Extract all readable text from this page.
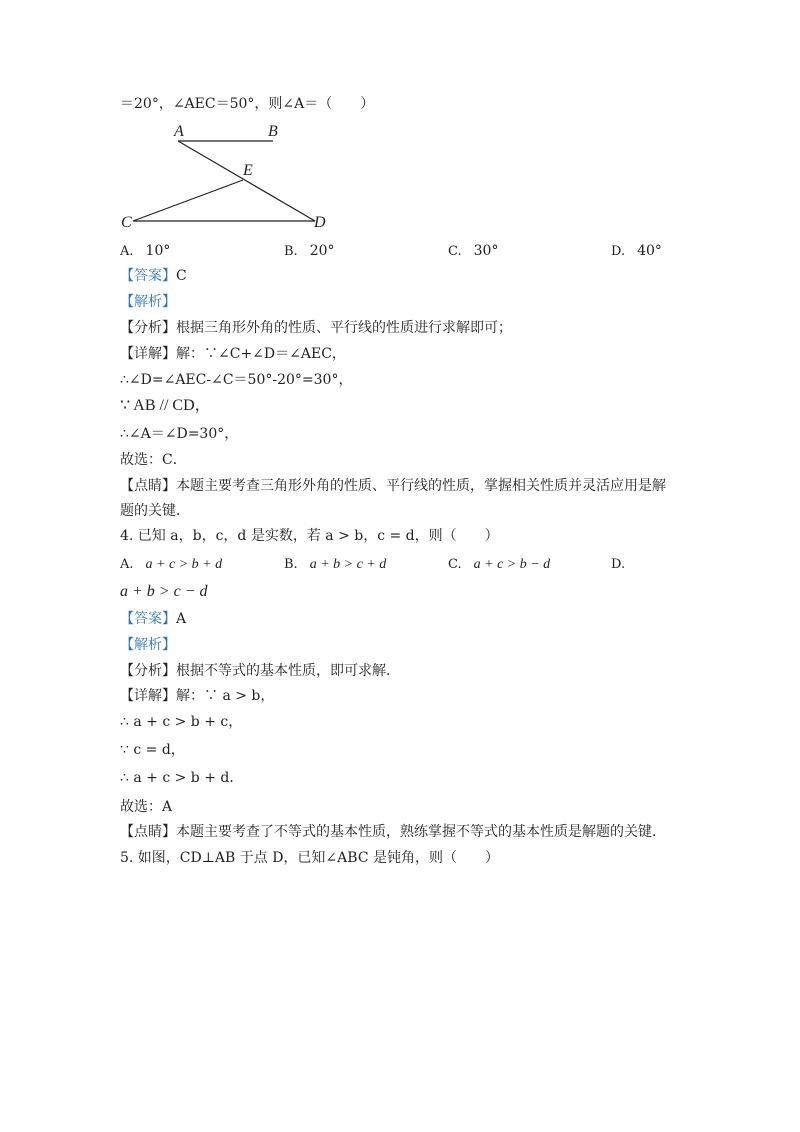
＝20°，∠AEC＝50°，则∠A＝（　　）
A	B
E
C	D
A. 10°	B. 20°	C. 30°	D. 40°
【答案】C
【解析】
【分析】根据三角形外角的性质、平行线的性质进行求解即可；
【详解】解：∵∠C+∠D＝∠AEC，
∴∠D=∠AEC-∠C＝50°-20°=30°，
∵ AB // CD，
∴∠A＝∠D=30°，
故选：C．
【点睛】本题主要考查三角形外角的性质、平行线的性质，掌握相关性质并灵活应用是解
题的关键．
4. 已知 a，b，c，d 是实数，若 a > b，c = d，则（　　）
A. a + c > b + d	B. a + b > c + d	C. a + c > b − d	D.
a + b > c − d
【答案】A
【解析】
【分析】根据不等式的基本性质，即可求解．
【详解】解：∵ a > b，
∴ a + c > b + c，
∵ c = d，
∴ a + c > b + d．
故选：A
【点睛】本题主要考查了不等式的基本性质，熟练掌握不等式的基本性质是解题的关键．
5. 如图，CD⊥AB 于点 D，已知∠ABC 是钝角，则（　　）
